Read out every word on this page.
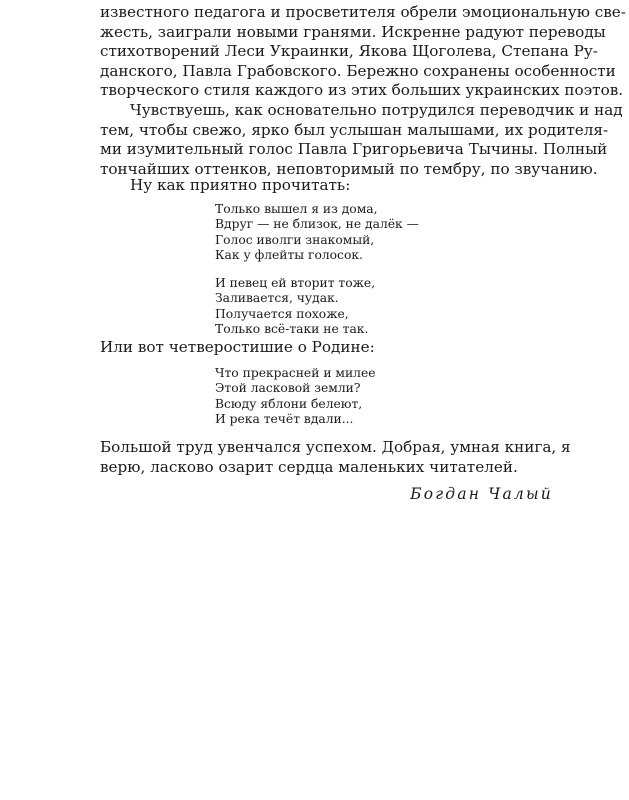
известного педагога и просветителя обрели эмоциональную све-
жесть, заиграли новыми гранями. Искренне радуют переводы
стихотворений Леси Украинки, Якова Щоголева, Степана Ру-
данского, Павла Грабовского. Бережно сохранены особенности
творческого стиля каждого из этих больших украинских поэтов.

Чувствуешь, как основательно потрудился переводчик и над
тем, чтобы свежо, ярко был услышан малышами, их родителя-
ми изумительный голос Павла Григорьевича Тычины. Полный
тончайших оттенков, неповторимый по тембру, по звучанию.

Ну как приятно прочитать:

Только вышел я из дома,
Вдруг — не близок, не далёк —
Голос иволги знакомый,
Как у флейты голосок.
И певец ей вторит тоже,
Заливается, чудак.
Получается похоже,
Только всё-таки не так.

Или вот четверостишие о Родине:

Что прекрасней и милее
Этой ласковой земли?
Всюду яблони белеют,
И река течёт вдали...

Большой труд увенчался успехом. Добрая, умная книга, я
верю, ласково озарит сердца маленьких читателей.

Богдан Чалый
